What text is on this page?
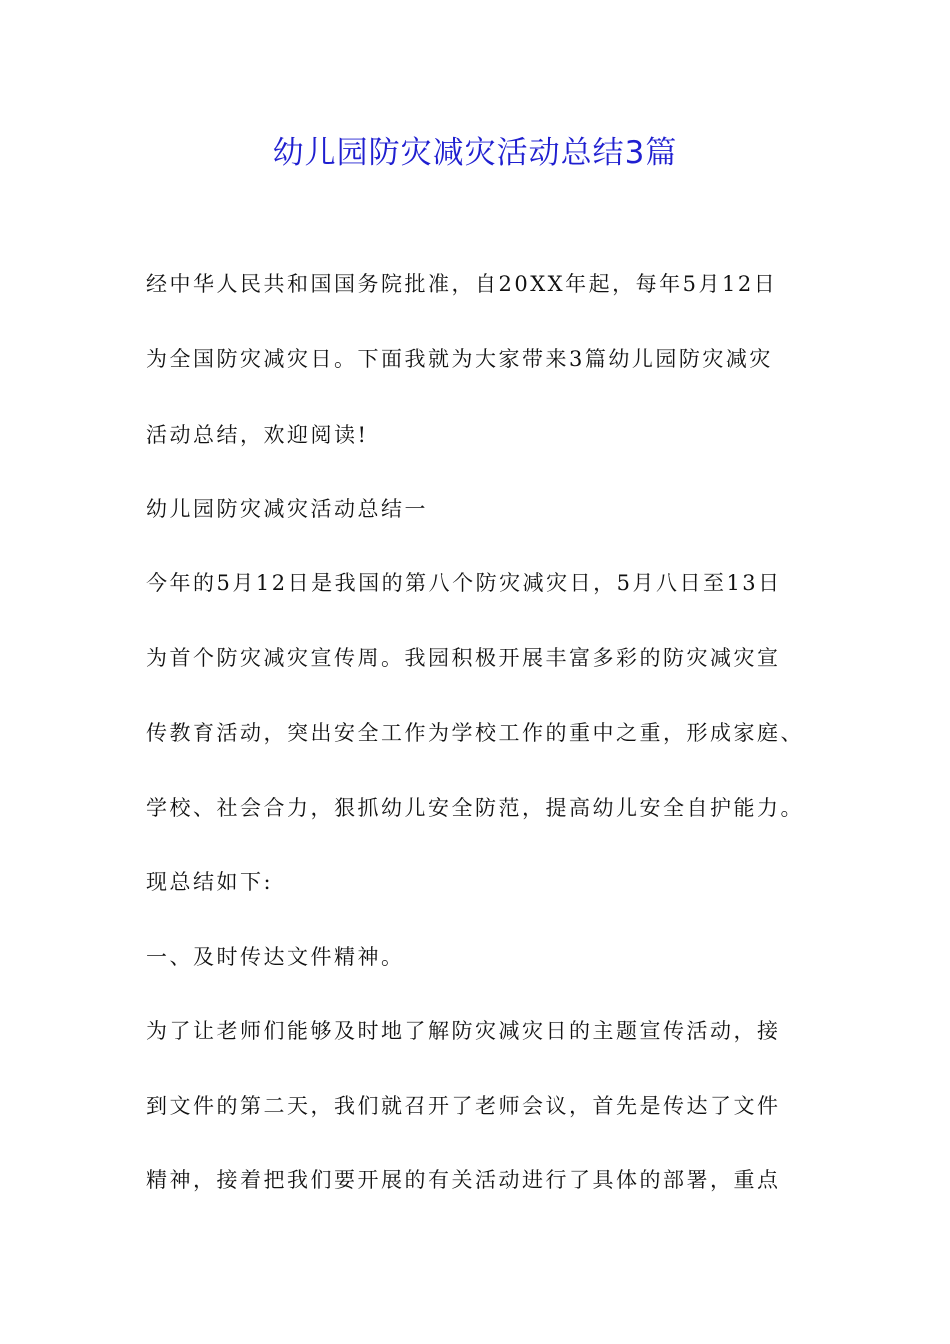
幼儿园防灾减灾活动总结3篇
经中华人民共和国国务院批准，自20XX年起，每年5月12日
为全国防灾减灾日。下面我就为大家带来3篇幼儿园防灾减灾
活动总结，欢迎阅读!
幼儿园防灾减灾活动总结一
今年的5月12日是我国的第八个防灾减灾日，5月八日至13日
为首个防灾减灾宣传周。我园积极开展丰富多彩的防灾减灾宣
传教育活动，突出安全工作为学校工作的重中之重，形成家庭、
学校、社会合力，狠抓幼儿安全防范，提高幼儿安全自护能力。
现总结如下:
一、及时传达文件精神。
为了让老师们能够及时地了解防灾减灾日的主题宣传活动，接
到文件的第二天，我们就召开了老师会议，首先是传达了文件
精神，接着把我们要开展的有关活动进行了具体的部署，重点
